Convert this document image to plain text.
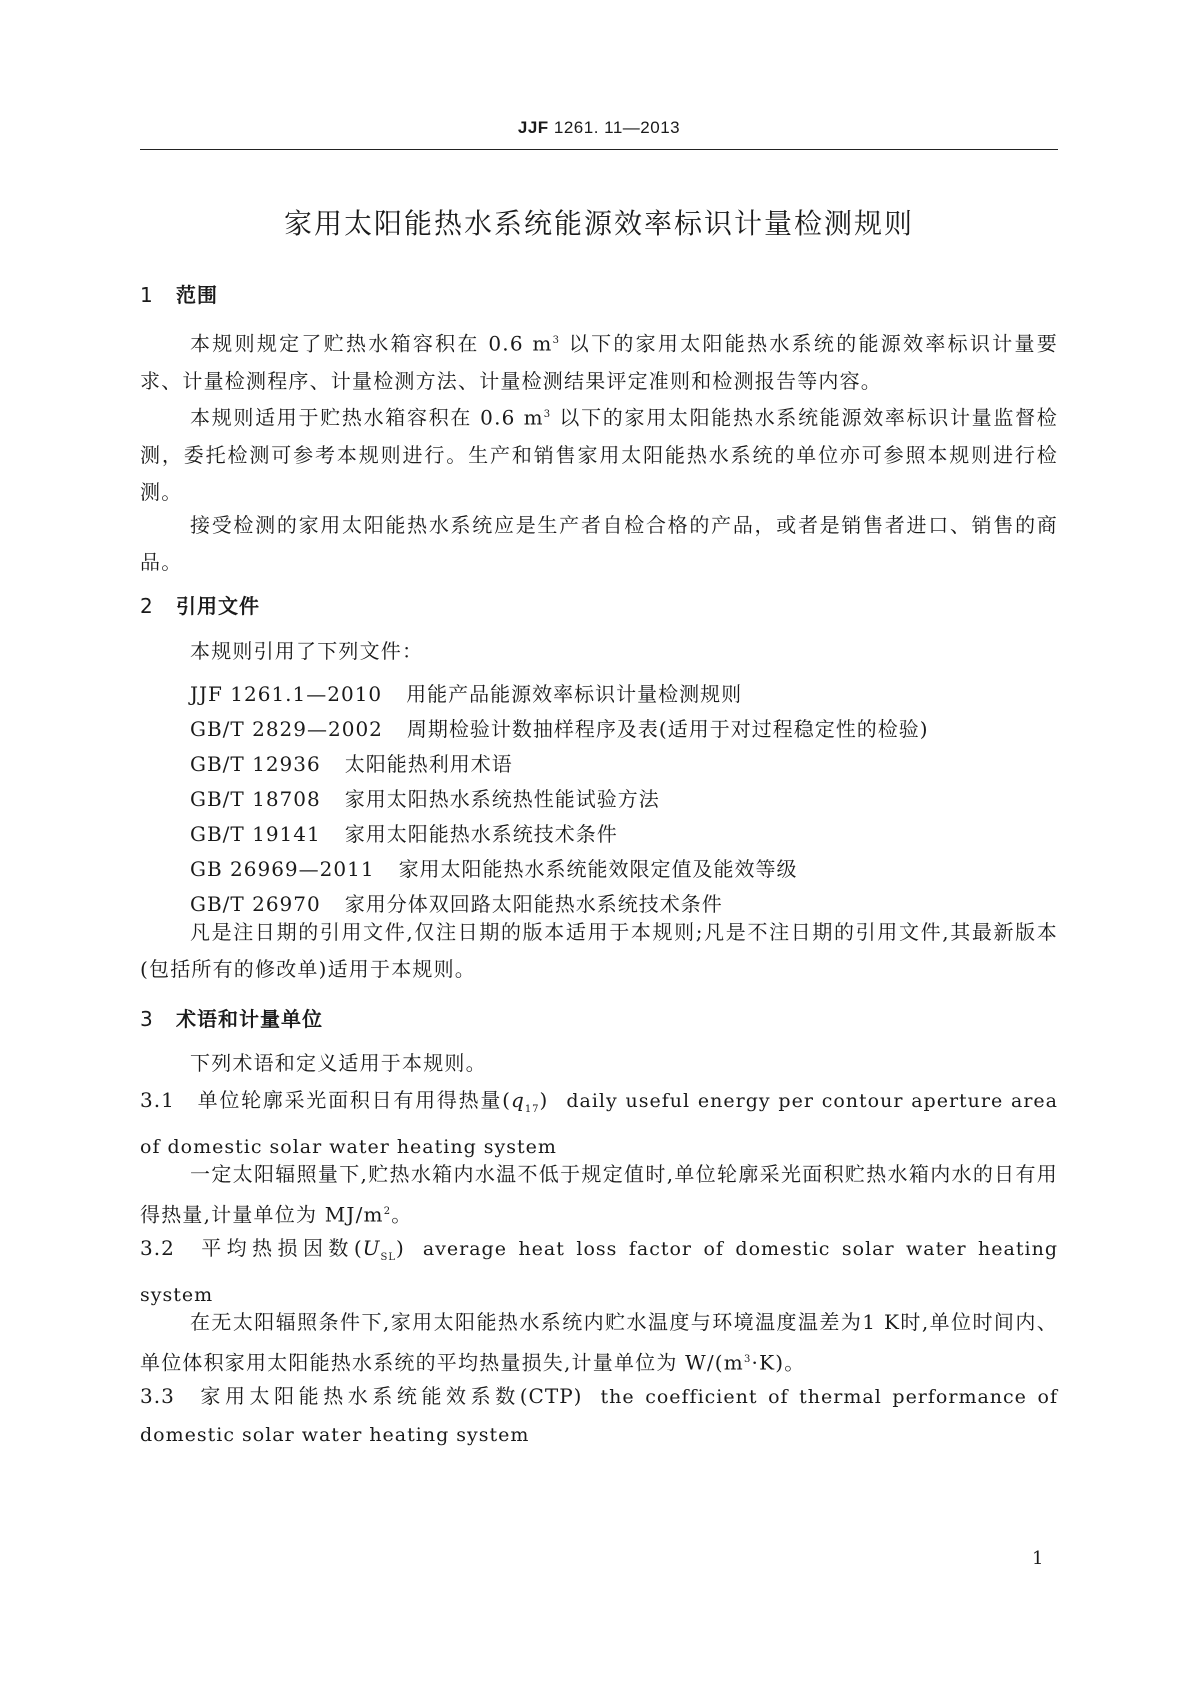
JJF 1261. 11—2013
家用太阳能热水系统能源效率标识计量检测规则
1 范围
本规则规定了贮热水箱容积在 0.6 $m^3$ 以下的家用太阳能热水系统的能源效率标识计量要求、计量检测程序、计量检测方法、计量检测结果评定准则和检测报告等内容。
本规则适用于贮热水箱容积在 0.6 $m^3$ 以下的家用太阳能热水系统能源效率标识计量监督检测，委托检测可参考本规则进行。生产和销售家用太阳能热水系统的单位亦可参照本规则进行检测。
接受检测的家用太阳能热水系统应是生产者自检合格的产品，或者是销售者进口、销售的商品。
2 引用文件
本规则引用了下列文件：
JJF 1261.1—2010 用能产品能源效率标识计量检测规则
GB/T 2829—2002 周期检验计数抽样程序及表(适用于对过程稳定性的检验)
GB/T 12936 太阳能热利用术语
GB/T 18708 家用太阳热水系统热性能试验方法
GB/T 19141 家用太阳能热水系统技术条件
GB 26969—2011 家用太阳能热水系统能效限定值及能效等级
GB/T 26970 家用分体双回路太阳能热水系统技术条件
凡是注日期的引用文件,仅注日期的版本适用于本规则;凡是不注日期的引用文件,其最新版本(包括所有的修改单)适用于本规则。
3 术语和计量单位
下列术语和定义适用于本规则。
3.1 单位轮廓采光面积日有用得热量$(q_{17})$ daily useful energy per contour aperture area of domestic solar water heating system
一定太阳辐照量下,贮热水箱内水温不低于规定值时,单位轮廓采光面积贮热水箱内水的日有用得热量,计量单位为 $MJ/m^2$。
3.2 平均热损因数$(U_{SL})$ average heat loss factor of domestic solar water heating system
在无太阳辐照条件下,家用太阳能热水系统内贮水温度与环境温度温差为1 K时,单位时间内、单位体积家用太阳能热水系统的平均热量损失,计量单位为 $W/(m^3\cdot K)$。
3.3 家用太阳能热水系统能效系数(CTP) the coefficient of thermal performance of domestic solar water heating system
1
